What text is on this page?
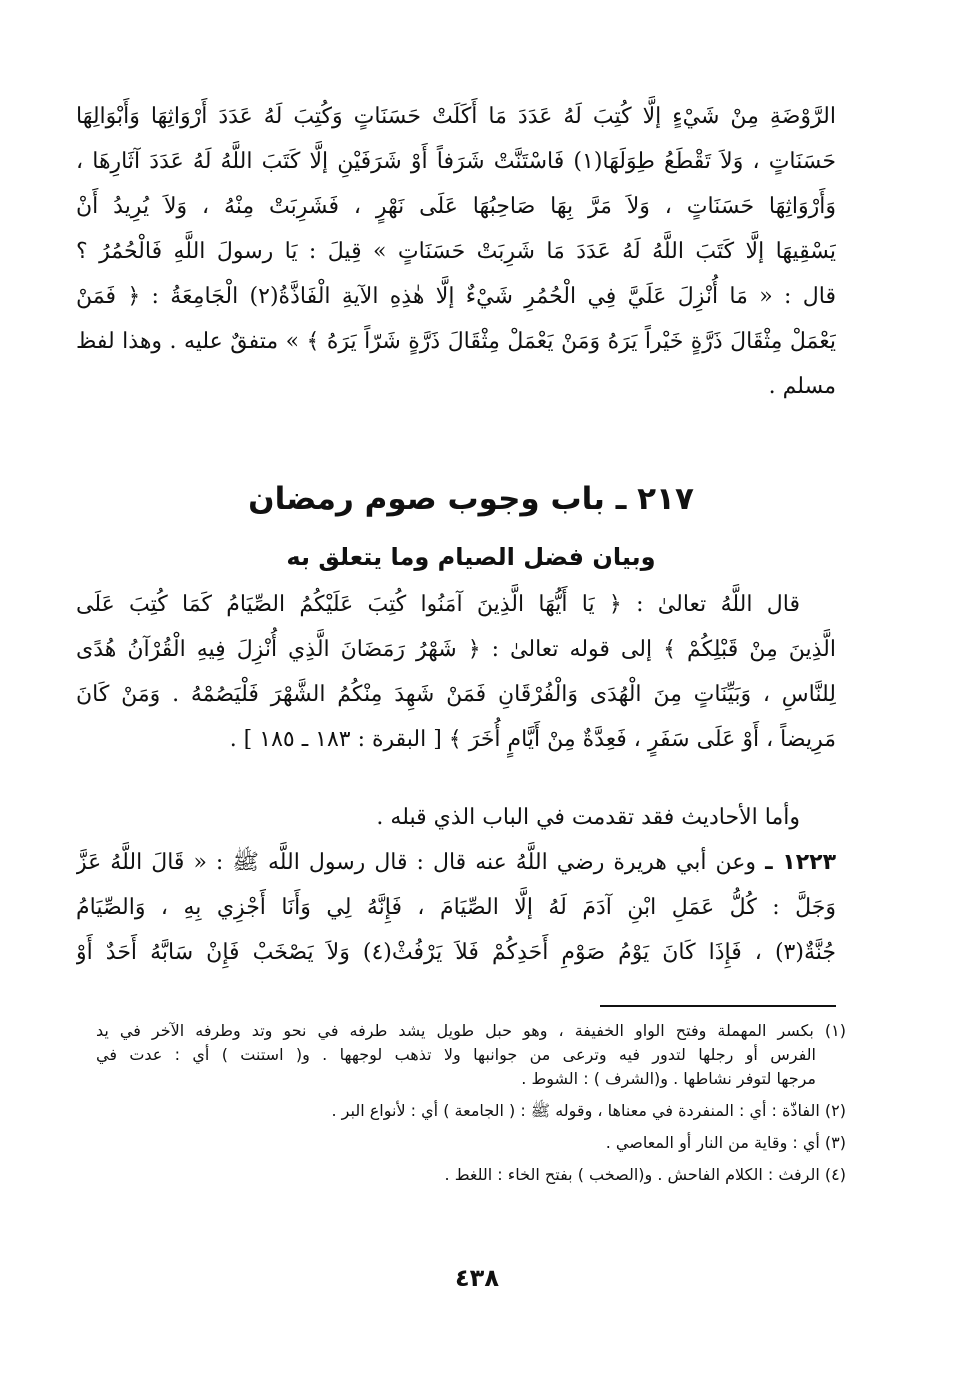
الرَّوْضَةِ مِنْ شَيْءٍ إلَّا كُتِبَ لَهُ عَدَدَ مَا أَكَلَتْ حَسَنَاتٍ وَكُتِبَ لَهُ عَدَدَ أَرْوَاثِهَا وَأَبْوَالِهَا
حَسَنَاتٍ ، وَلاَ تَقْطَعُ طِوَلَهَا(١) فَاسْتَنَّتْ شَرَفاً أَوْ شَرَفَيْنِ إلَّا كَتَبَ اللَّهُ لَهُ عَدَدَ آثَارِهَا ،
وَأَرْوَاثِهَا حَسَنَاتٍ ، وَلاَ مَرَّ بِهَا صَاحِبُهَا عَلَى نَهْرٍ ، فَشَرِبَتْ مِنْهُ ، وَلاَ يُرِيدُ أَنْ
يَسْقِيهَا إلَّا كَتَبَ اللَّهُ لَهُ عَدَدَ مَا شَرِبَتْ حَسَنَاتٍ » قِيلَ : يَا رسولَ اللَّهِ فَالْحُمُرُ ؟
قال : « مَا أُنْزِلَ عَلَيَّ فِي الْحُمُرِ شَيْءٌ إلَّا هٰذِهِ الآيةِ الْفَاذَّةُ(٢) الْجَامِعَةُ : ﴿ فَمَنْ
يَعْمَلْ مِثْقَالَ ذَرَّةٍ خَيْراً يَرَهُ وَمَنْ يَعْمَلْ مِثْقَالَ ذَرَّةٍ شَرّاً يَرَهُ ﴾ » متفقٌ عليه . وهذا لفظ
مسلم .
٢١٧ ـ باب وجوب صوم رمضان
وبيان فضل الصيام وما يتعلق به
قال اللَّهُ تعالىٰ : ﴿ يَا أَيُّهَا الَّذِينَ آمَنُوا كُتِبَ عَلَيْكُمُ الصِّيَامُ كَمَا كُتِبَ عَلَى
الَّذِينَ مِنْ قَبْلِكُمْ ﴾ إلى قوله تعالىٰ : ﴿ شَهْرُ رَمَضَانَ الَّذِي أُنْزِلَ فِيهِ الْقُرْآنُ هُدًى
لِلنَّاسِ ، وَبَيِّنَاتٍ مِنَ الْهُدَى وَالْفُرْقَانِ فَمَنْ شَهِدَ مِنْكُمُ الشَّهْرَ فَلْيَصُمْهُ . وَمَنْ كَانَ
مَرِيضاً ، أَوْ عَلَى سَفَرٍ ، فَعِدَّةٌ مِنْ أَيَّامٍ أُخَرَ ﴾ [ البقرة : ١٨٣ ـ ١٨٥ ] .
وأما الأحاديث فقد تقدمت في الباب الذي قبله .
١٢٢٣ ـ وعن أبي هريرة رضي اللَّهُ عنه قال : قال رسول اللَّه ﷺ : « قَالَ اللَّهُ عَزَّ
وَجَلَّ : كُلُّ عَمَلِ ابْنِ آدَمَ لَهُ إلَّا الصِّيَامَ ، فَإِنَّهُ لِي وَأَنَا أَجْزِي بِهِ ، وَالصِّيَامُ
جُنَّةٌ(٣) ، فَإِذَا كَانَ يَوْمُ صَوْمِ أَحَدِكُمْ فَلاَ يَرْفُثْ(٤) وَلاَ يَصْخَبْ فَإِنْ سَابَّهُ أَحَدٌ أَوْ
(١) بكسر المهملة وفتح الواو الخفيفة ، وهو حبل طويل يشد طرفه في نحو وتد وطرفه الآخر في يد
الفرس أو رجلها لتدور فيه وترعى من جوانبها ولا تذهب لوجهها . و( استنت ) أي : عدت في
مرجها لتوفر نشاطها . و(الشرف ) : الشوط .
(٢) الفاذّة : أي : المنفردة في معناها ، وقوله ﷺ : ( الجامعة ) أي : لأنواع البر .
(٣) أي : وقاية من النار أو المعاصي .
(٤) الرفث : الكلام الفاحش . و(الصخب ) بفتح الخاء : اللغط .
٤٣٨
